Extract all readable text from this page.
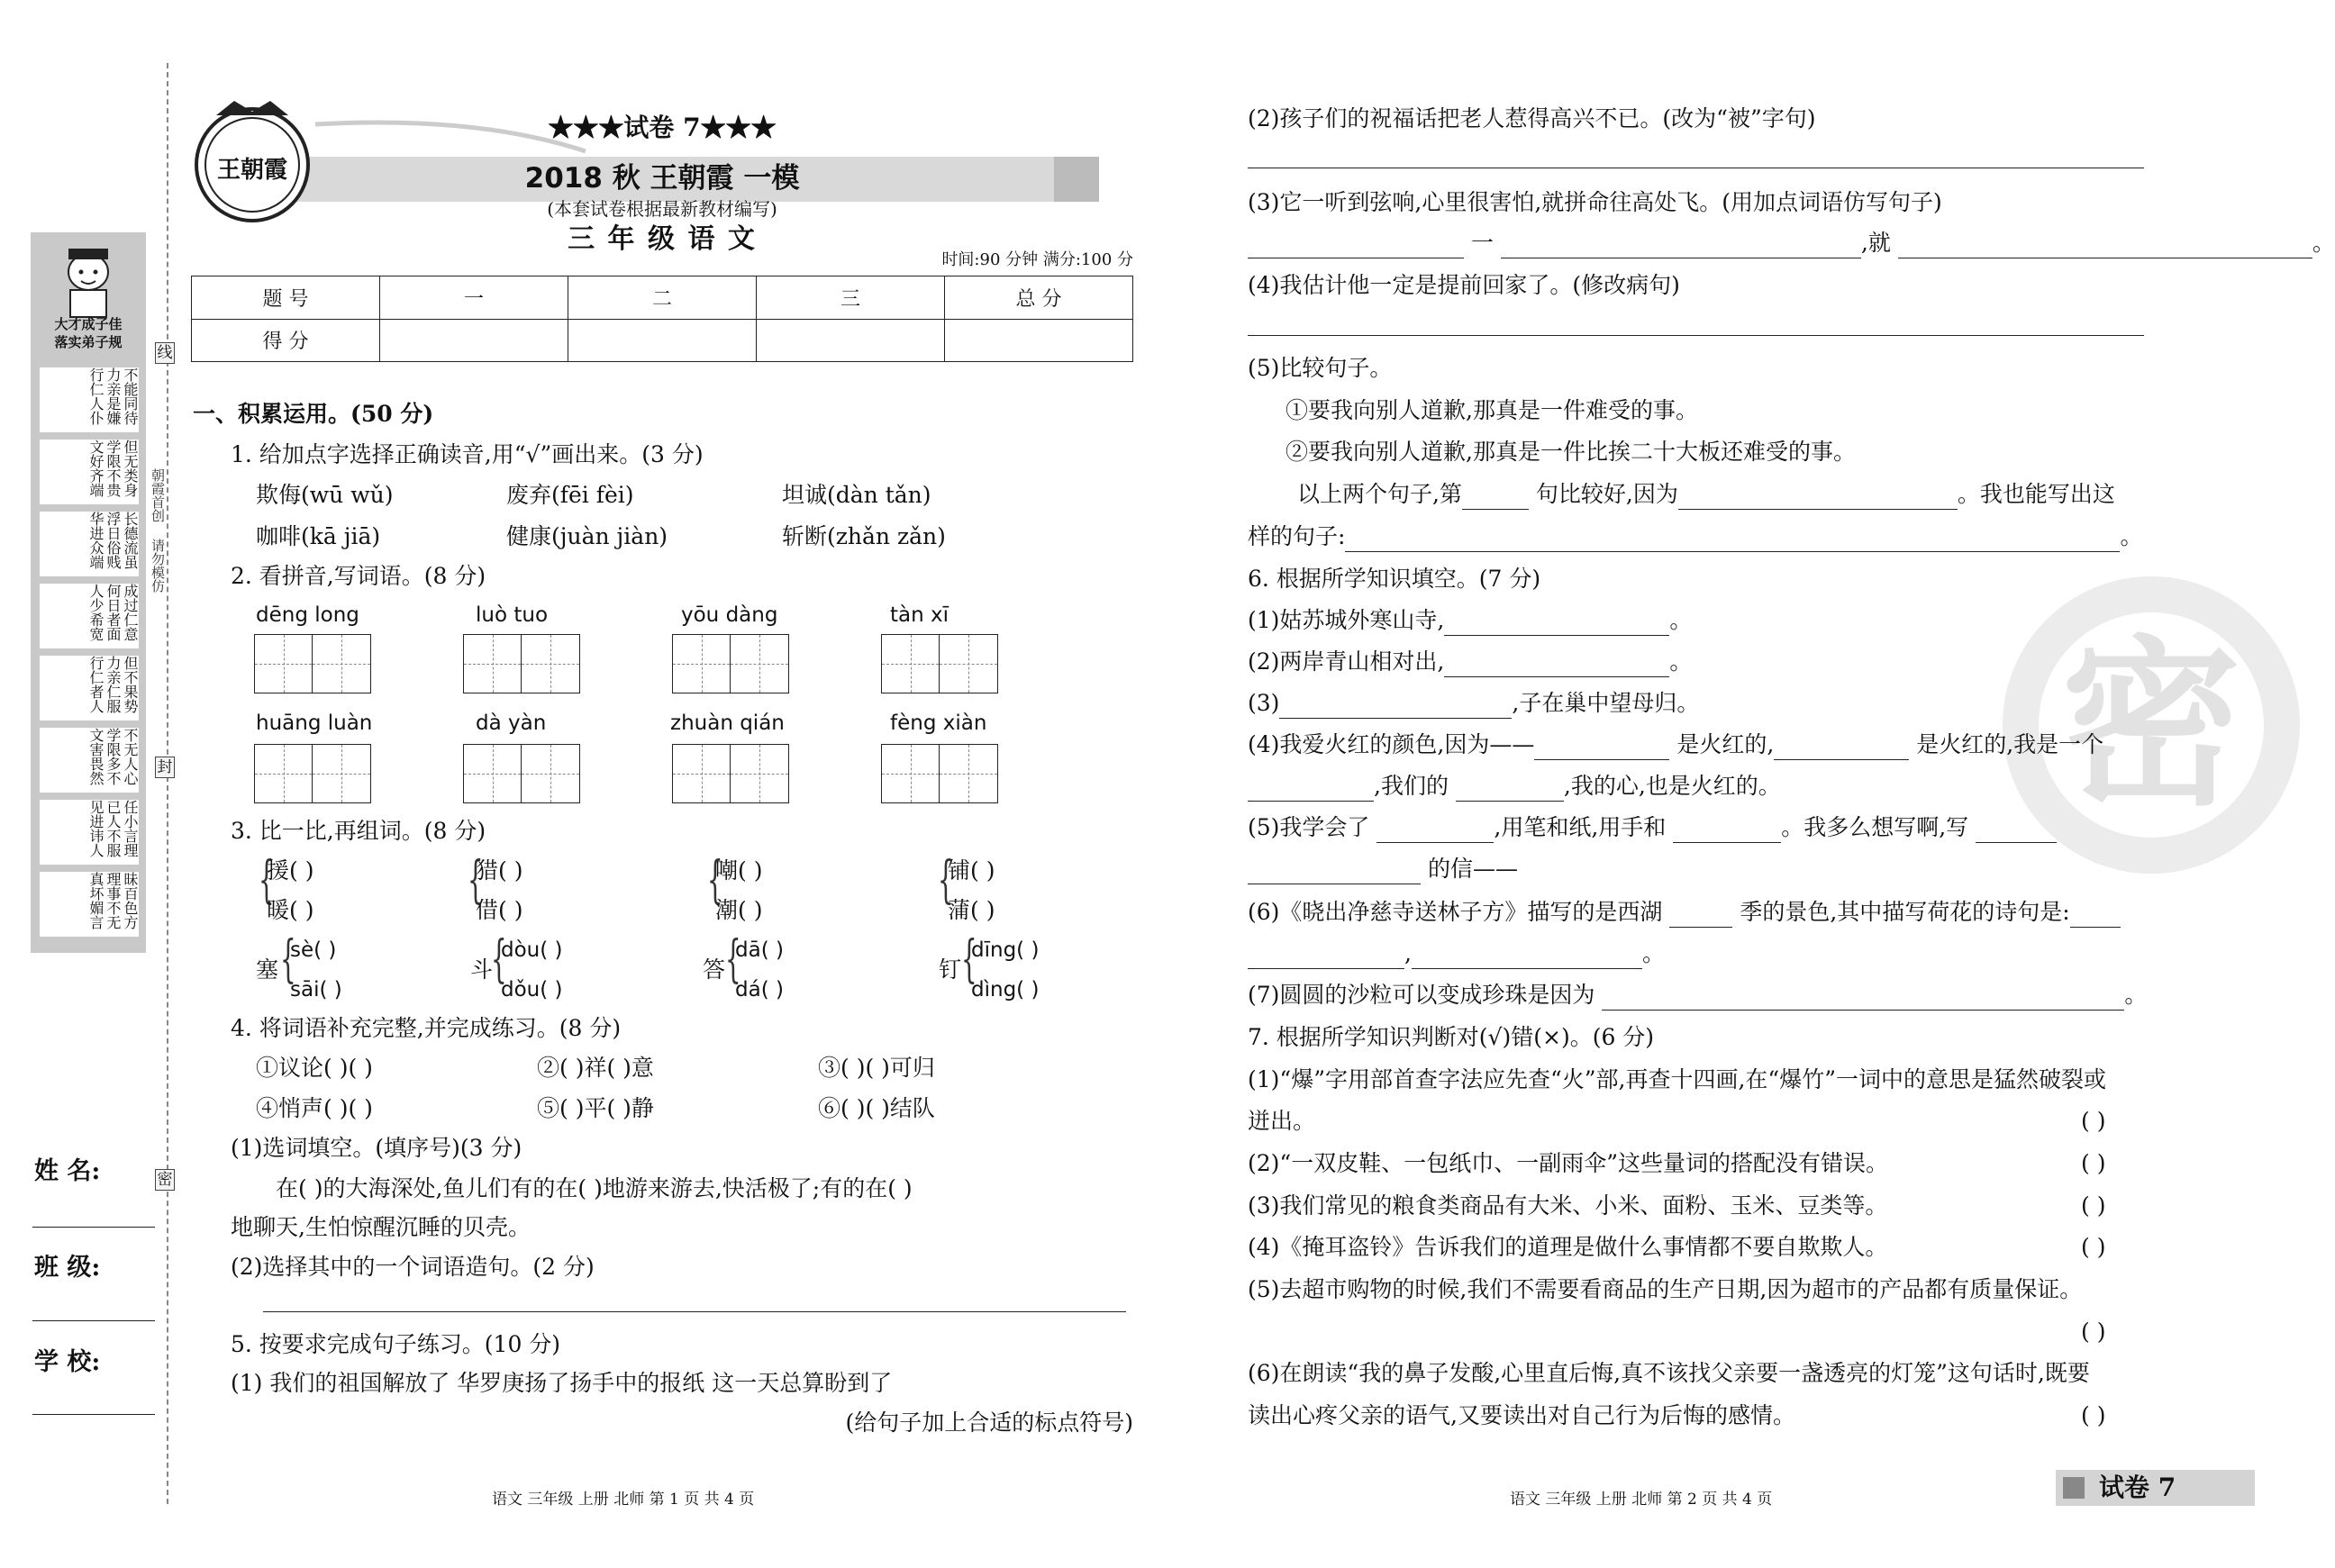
大才成子佳
落实弟子规
不能同待力亲是嫌行仁人仆
但无类身学限不贵文好齐端
长德流虽浮日俗贱华进众端
成过仁意何日者面人少希宽
但不果势力亲仁服行仁者人
不无人心学限多不文害畏然
任小言理已人不服见进讳人
昧百色方理事不无真坏媚言
朝霞首创 请勿模仿
线
封
密
姓 名:
班 级:
学 校:
王朝霞
★★★试卷 7★★★
2018 秋 王朝霞 一模
(本套试卷根据最新教材编写)
三 年 级 语 文
时间:90 分钟 满分:100 分
题 号	一	二	三	总 分
得 分				
一、积累运用。(50 分)
1. 给加点字选择正确读音,用“√”画出来。(3 分)
欺侮(wū wǔ)	废弃(fēi fèi)	坦诚(dàn tǎn)
咖啡(kā jiā)	健康(juàn jiàn)	斩断(zhǎn zǎn)
2. 看拼音,写词语。(8 分)
dēng long	luò tuo	yōu dàng	tàn xī
huāng luàn	dà yàn	zhuàn qián	fèng xiàn
3. 比一比,再组词。(8 分)
{	{	{	{
援( )
暖( )
猎( )
借( )
嘲( )
潮( )
铺( )
蒲( )
塞 {
sè( )
sāi( )
斗
{
dòu( )
dǒu( )
答 {
dā( )
dá( )
钉 {
dīng( )
dìng( )
4. 将词语补充完整,并完成练习。(8 分)
①议论( )( )	②( )祥( )意	③( )( )可归
④悄声( )( )	⑤( )平( )静	⑥( )( )结队
(1)选词填空。(填序号)(3 分)
在( )的大海深处,鱼儿们有的在( )地游来游去,快活极了;有的在( )
地聊天,生怕惊醒沉睡的贝壳。
(2)选择其中的一个词语造句。(2 分)
5. 按要求完成句子练习。(10 分)
(1) 我们的祖国解放了 华罗庚扬了扬手中的报纸 这一天总算盼到了
(给句子加上合适的标点符号)
密
(2)孩子们的祝福话把老人惹得高兴不已。(改为“被”字句)
(3)它一听到弦响,心里很害怕,就拼命往高处飞。(用加点词语仿写句子)
一	,就	。
(4)我估计他一定是提前回家了。(修改病句)
(5)比较句子。
①要我向别人道歉,那真是一件难受的事。
②要我向别人道歉,那真是一件比挨二十大板还难受的事。
以上两个句子,第	句比较好,因为	。我也能写出这
样的句子:	。
6. 根据所学知识填空。(7 分)
(1)姑苏城外寒山寺,	。
(2)两岸青山相对出,	。
(3)	,子在巢中望母归。
(4)我爱火红的颜色,因为——	是火红的,	是火红的,我是一个
,我们的	,我的心,也是火红的。
(5)我学会了	,用笔和纸,用手和	。我多么想写啊,写
的信——
(6)《晓出净慈寺送林子方》描写的是西湖	季的景色,其中描写荷花的诗句是:
,	。
(7)圆圆的沙粒可以变成珍珠是因为	。
7. 根据所学知识判断对(√)错(×)。(6 分)
(1)“爆”字用部首查字法应先查“火”部,再查十四画,在“爆竹”一词中的意思是猛然破裂或
迸出。	( )
(2)“一双皮鞋、一包纸巾、一副雨伞”这些量词的搭配没有错误。	( )
(3)我们常见的粮食类商品有大米、小米、面粉、玉米、豆类等。	( )
(4)《掩耳盗铃》告诉我们的道理是做什么事情都不要自欺欺人。	( )
(5)去超市购物的时候,我们不需要看商品的生产日期,因为超市的产品都有质量保证。
( )
(6)在朗读“我的鼻子发酸,心里直后悔,真不该找父亲要一盏透亮的灯笼”这句话时,既要
读出心疼父亲的语气,又要读出对自己行为后悔的感情。	( )
语文 三年级 上册 北师 第 1 页 共 4 页	语文 三年级 上册 北师 第 2 页 共 4 页	试卷 7
